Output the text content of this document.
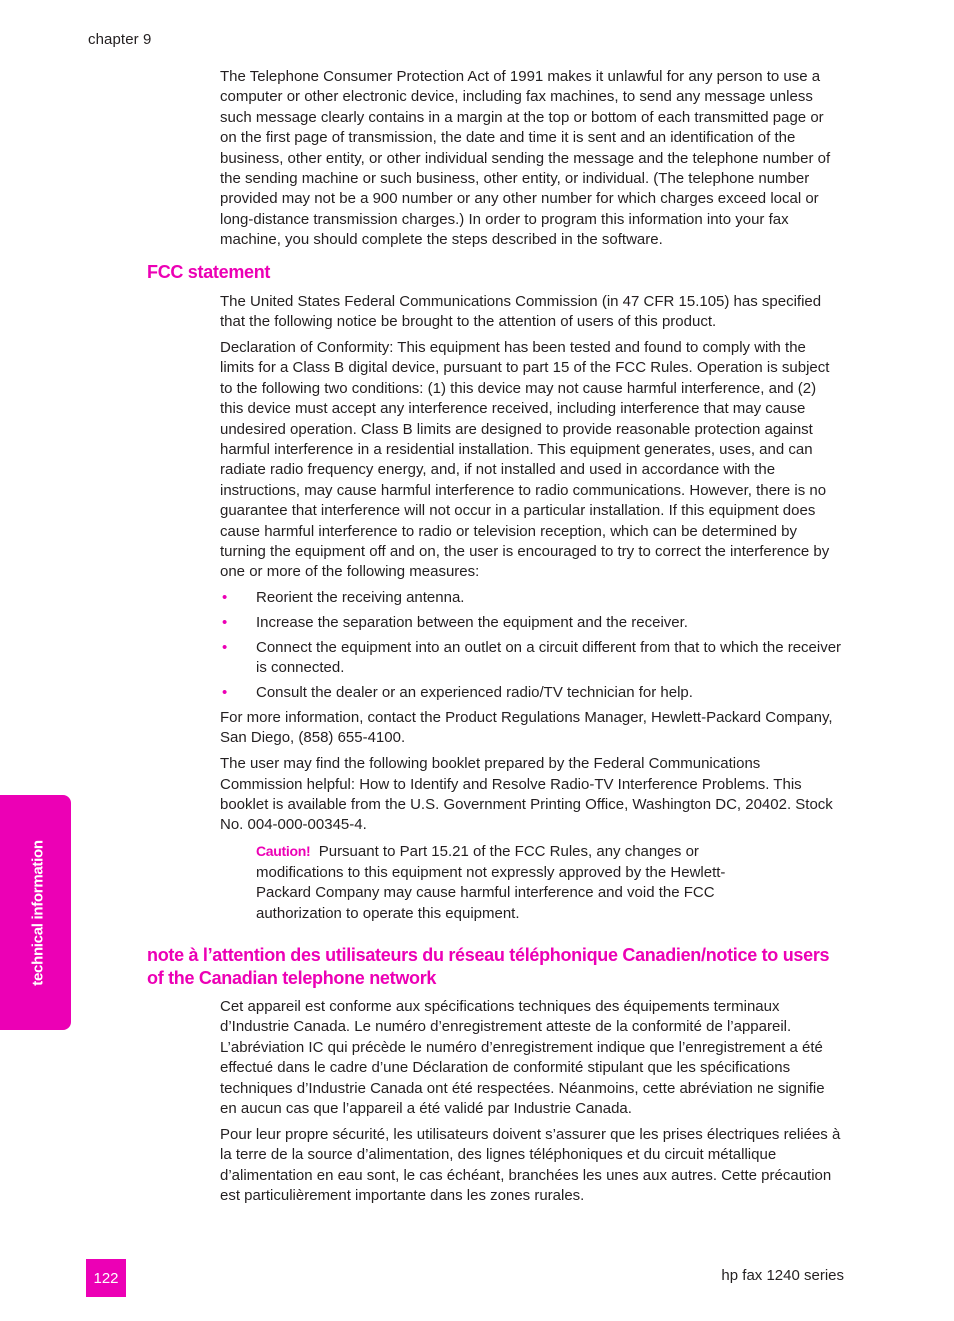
chapter 9

The Telephone Consumer Protection Act of 1991 makes it unlawful for any person to use a computer or other electronic device, including fax machines, to send any message unless such message clearly contains in a margin at the top or bottom of each transmitted page or on the first page of transmission, the date and time it is sent and an identification of the business, other entity, or other individual sending the message and the telephone number of the sending machine or such business, other entity, or individual. (The telephone number provided may not be a 900 number or any other number for which charges exceed local or long-distance transmission charges.) In order to program this information into your fax machine, you should complete the steps described in the software.

FCC statement

The United States Federal Communications Commission (in 47 CFR 15.105) has specified that the following notice be brought to the attention of users of this product.

Declaration of Conformity: This equipment has been tested and found to comply with the limits for a Class B digital device, pursuant to part 15 of the FCC Rules. Operation is subject to the following two conditions: (1) this device may not cause harmful interference, and (2) this device must accept any interference received, including interference that may cause undesired operation. Class B limits are designed to provide reasonable protection against harmful interference in a residential installation. This equipment generates, uses, and can radiate radio frequency energy, and, if not installed and used in accordance with the instructions, may cause harmful interference to radio communications. However, there is no guarantee that interference will not occur in a particular installation. If this equipment does cause harmful interference to radio or television reception, which can be determined by turning the equipment off and on, the user is encouraged to try to correct the interference by one or more of the following measures:

• Reorient the receiving antenna.
• Increase the separation between the equipment and the receiver.
• Connect the equipment into an outlet on a circuit different from that to which the receiver is connected.
• Consult the dealer or an experienced radio/TV technician for help.

For more information, contact the Product Regulations Manager, Hewlett-Packard Company, San Diego, (858) 655-4100.

The user may find the following booklet prepared by the Federal Communications Commission helpful: How to Identify and Resolve Radio-TV Interference Problems. This booklet is available from the U.S. Government Printing Office, Washington DC, 20402. Stock No. 004-000-00345-4.

Caution! Pursuant to Part 15.21 of the FCC Rules, any changes or modifications to this equipment not expressly approved by the Hewlett-Packard Company may cause harmful interference and void the FCC authorization to operate this equipment.

note à l’attention des utilisateurs du réseau téléphonique Canadien/notice to users of the Canadian telephone network

Cet appareil est conforme aux spécifications techniques des équipements terminaux d’Industrie Canada. Le numéro d’enregistrement atteste de la conformité de l’appareil. L’abréviation IC qui précède le numéro d’enregistrement indique que l’enregistrement a été effectué dans le cadre d’une Déclaration de conformité stipulant que les spécifications techniques d’Industrie Canada ont été respectées. Néanmoins, cette abréviation ne signifie en aucun cas que l’appareil a été validé par Industrie Canada.

Pour leur propre sécurité, les utilisateurs doivent s’assurer que les prises électriques reliées à la terre de la source d’alimentation, des lignes téléphoniques et du circuit métallique d’alimentation en eau sont, le cas échéant, branchées les unes aux autres. Cette précaution est particulièrement importante dans les zones rurales.

technical information
122	hp fax 1240 series
